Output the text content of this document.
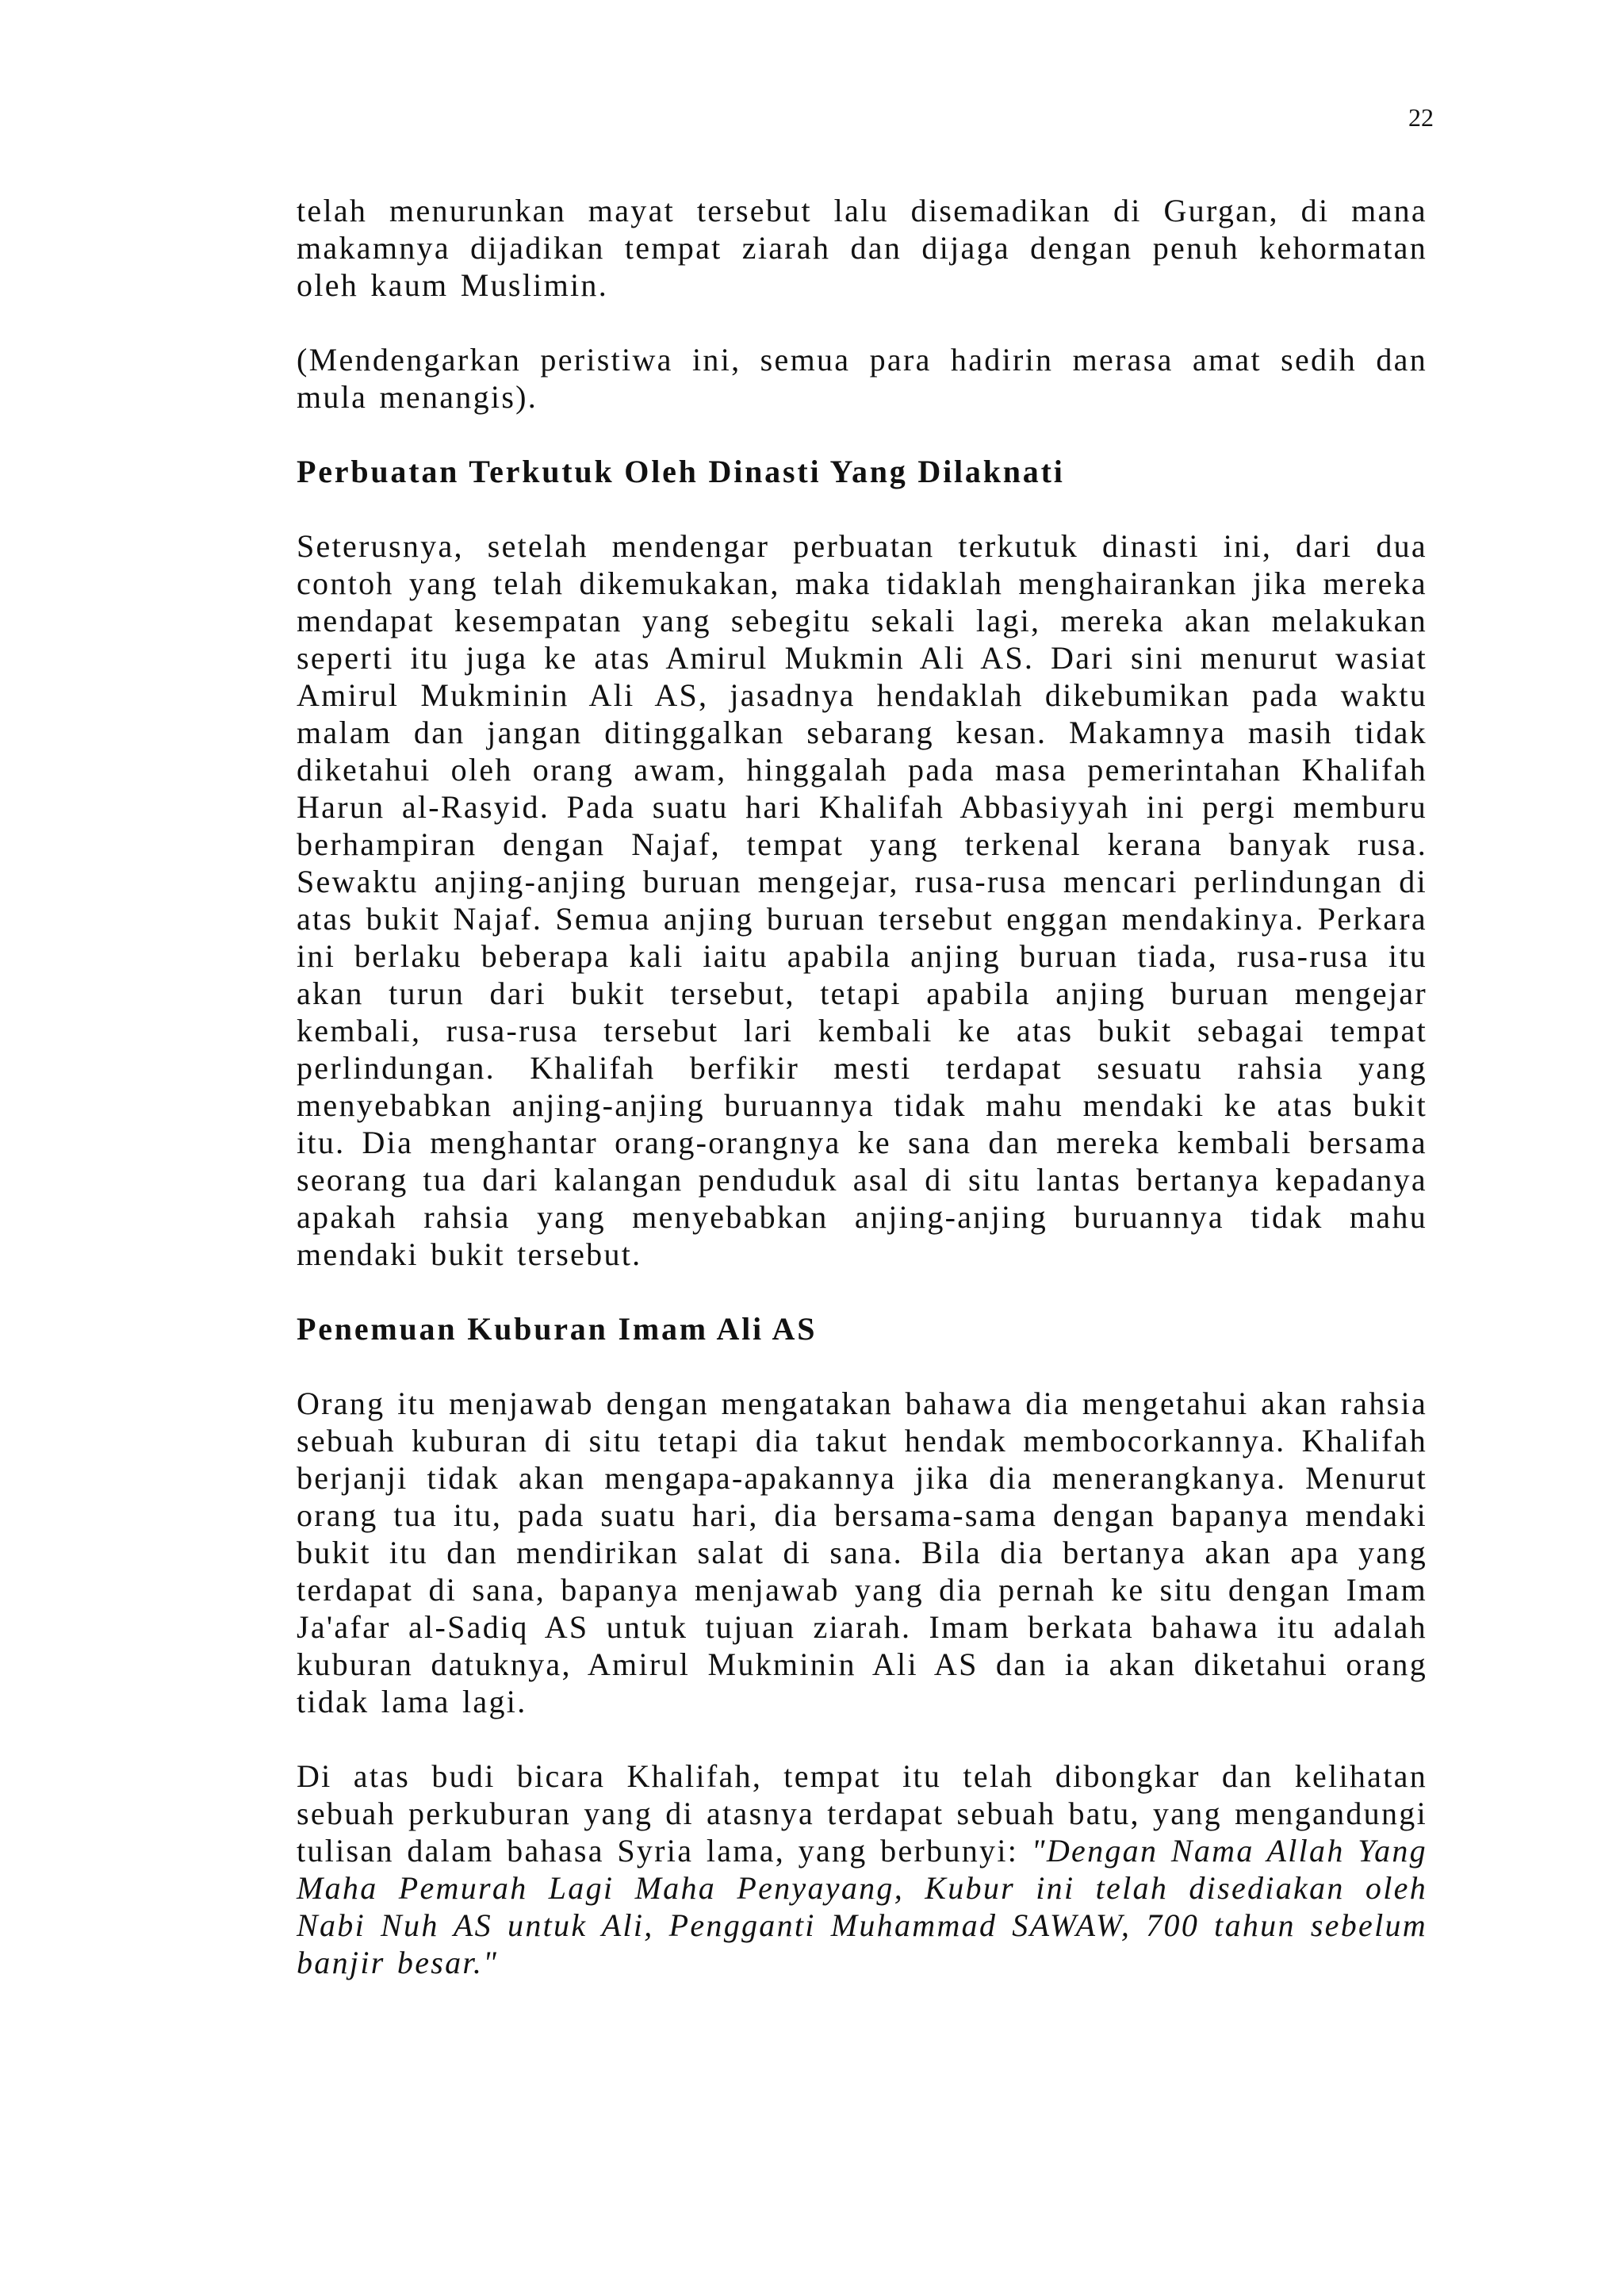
22

telah menurunkan mayat tersebut lalu disemadikan di Gurgan, di mana makamnya dijadikan tempat ziarah dan dijaga dengan penuh kehormatan oleh kaum Muslimin.

(Mendengarkan peristiwa ini, semua para hadirin merasa amat sedih dan mula menangis).

Perbuatan Terkutuk Oleh Dinasti Yang Dilaknati

Seterusnya, setelah mendengar perbuatan terkutuk dinasti ini, dari dua contoh yang telah dikemukakan, maka tidaklah menghairankan jika mereka mendapat kesempatan yang sebegitu sekali lagi, mereka akan melakukan seperti itu juga ke atas Amirul Mukmin Ali AS. Dari sini menurut wasiat Amirul Mukminin Ali AS, jasadnya hendaklah dikebumikan pada waktu malam dan jangan ditinggalkan sebarang kesan. Makamnya masih tidak diketahui oleh orang awam, hinggalah pada masa pemerintahan Khalifah Harun al-Rasyid. Pada suatu hari Khalifah Abbasiyyah ini pergi memburu berhampiran dengan Najaf, tempat yang terkenal kerana banyak rusa. Sewaktu anjing-anjing buruan mengejar, rusa-rusa mencari perlindungan di atas bukit Najaf. Semua anjing buruan tersebut enggan mendakinya. Perkara ini berlaku beberapa kali iaitu apabila anjing buruan tiada, rusa-rusa itu akan turun dari bukit tersebut, tetapi apabila anjing buruan mengejar kembali, rusa-rusa tersebut lari kembali ke atas bukit sebagai tempat perlindungan. Khalifah berfikir mesti terdapat sesuatu rahsia yang menyebabkan anjing-anjing buruannya tidak mahu mendaki ke atas bukit itu. Dia menghantar orang-orangnya ke sana dan mereka kembali bersama seorang tua dari kalangan penduduk asal di situ lantas bertanya kepadanya apakah rahsia yang menyebabkan anjing-anjing buruannya tidak mahu mendaki bukit tersebut.

Penemuan Kuburan Imam Ali AS

Orang itu menjawab dengan mengatakan bahawa dia mengetahui akan rahsia sebuah kuburan di situ tetapi dia takut hendak membocorkannya. Khalifah berjanji tidak akan mengapa-apakannya jika dia menerangkanya. Menurut orang tua itu, pada suatu hari, dia bersama-sama dengan bapanya mendaki bukit itu dan mendirikan salat di sana. Bila dia bertanya akan apa yang terdapat di sana, bapanya menjawab yang dia pernah ke situ dengan Imam Ja'afar al-Sadiq AS untuk tujuan ziarah. Imam berkata bahawa itu adalah kuburan datuknya, Amirul Mukminin Ali AS dan ia akan diketahui orang tidak lama lagi.

Di atas budi bicara Khalifah, tempat itu telah dibongkar dan kelihatan sebuah perkuburan yang di atasnya terdapat sebuah batu, yang mengandungi tulisan dalam bahasa Syria lama, yang berbunyi: "Dengan Nama Allah Yang Maha Pemurah Lagi Maha Penyayang, Kubur ini telah disediakan oleh Nabi Nuh AS untuk Ali, Pengganti Muhammad SAWAW, 700 tahun sebelum banjir besar."
